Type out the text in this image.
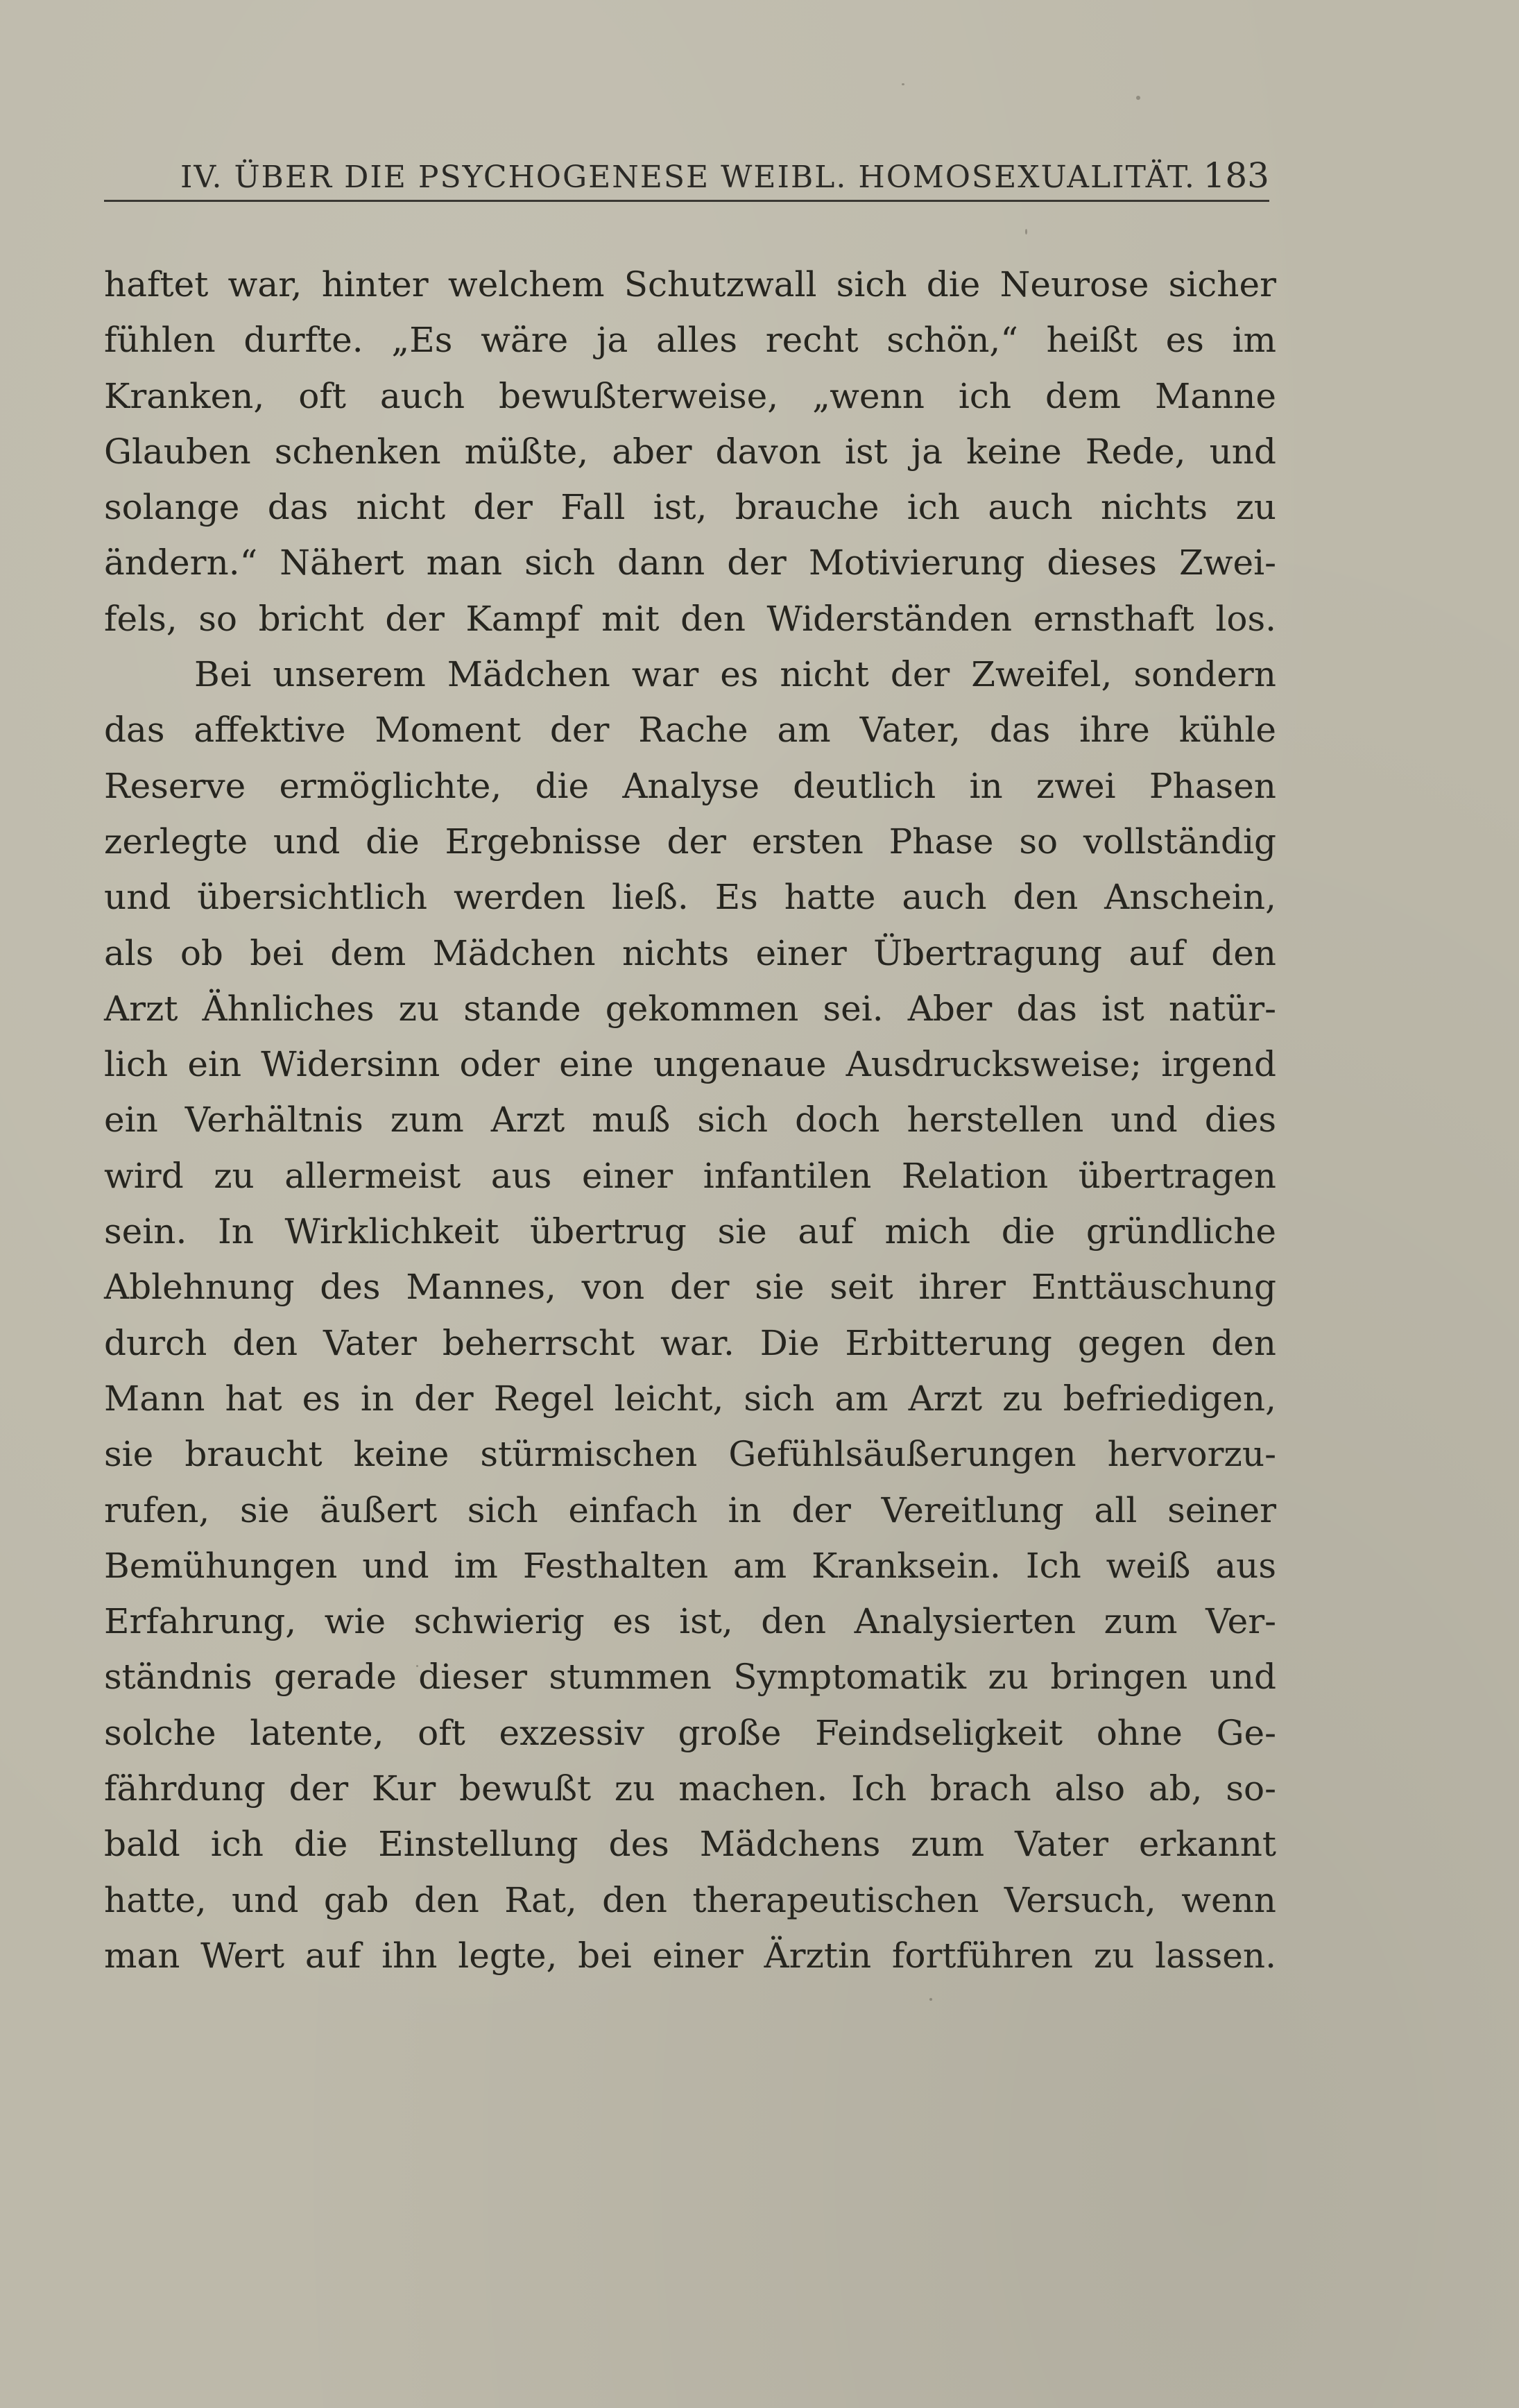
IV. ÜBER DIE PSYCHOGENESE WEIBL. HOMOSEXUALITÄT. 183
haftet war, hinter welchem Schutzwall sich die Neurose sicher
fühlen durfte. „Es wäre ja alles recht schön,“ heißt es im
Kranken, oft auch bewußterweise, „wenn ich dem Manne
Glauben schenken müßte, aber davon ist ja keine Rede, und
solange das nicht der Fall ist, brauche ich auch nichts zu
ändern.“ Nähert man sich dann der Motivierung dieses Zwei-
fels, so bricht der Kampf mit den Widerständen ernsthaft los.
Bei unserem Mädchen war es nicht der Zweifel, sondern
das affektive Moment der Rache am Vater, das ihre kühle
Reserve ermöglichte, die Analyse deutlich in zwei Phasen
zerlegte und die Ergebnisse der ersten Phase so vollständig
und übersichtlich werden ließ. Es hatte auch den Anschein,
als ob bei dem Mädchen nichts einer Übertragung auf den
Arzt Ähnliches zu stande gekommen sei. Aber das ist natür-
lich ein Widersinn oder eine ungenaue Ausdrucksweise; irgend
ein Verhältnis zum Arzt muß sich doch herstellen und dies
wird zu allermeist aus einer infantilen Relation übertragen
sein. In Wirklichkeit übertrug sie auf mich die gründliche
Ablehnung des Mannes, von der sie seit ihrer Enttäuschung
durch den Vater beherrscht war. Die Erbitterung gegen den
Mann hat es in der Regel leicht, sich am Arzt zu befriedigen,
sie braucht keine stürmischen Gefühlsäußerungen hervorzu-
rufen, sie äußert sich einfach in der Vereitlung all seiner
Bemühungen und im Festhalten am Kranksein. Ich weiß aus
Erfahrung, wie schwierig es ist, den Analysierten zum Ver-
ständnis gerade dieser stummen Symptomatik zu bringen und
solche latente, oft exzessiv große Feindseligkeit ohne Ge-
fährdung der Kur bewußt zu machen. Ich brach also ab, so-
bald ich die Einstellung des Mädchens zum Vater erkannt
hatte, und gab den Rat, den therapeutischen Versuch, wenn
man Wert auf ihn legte, bei einer Ärztin fortführen zu lassen.
